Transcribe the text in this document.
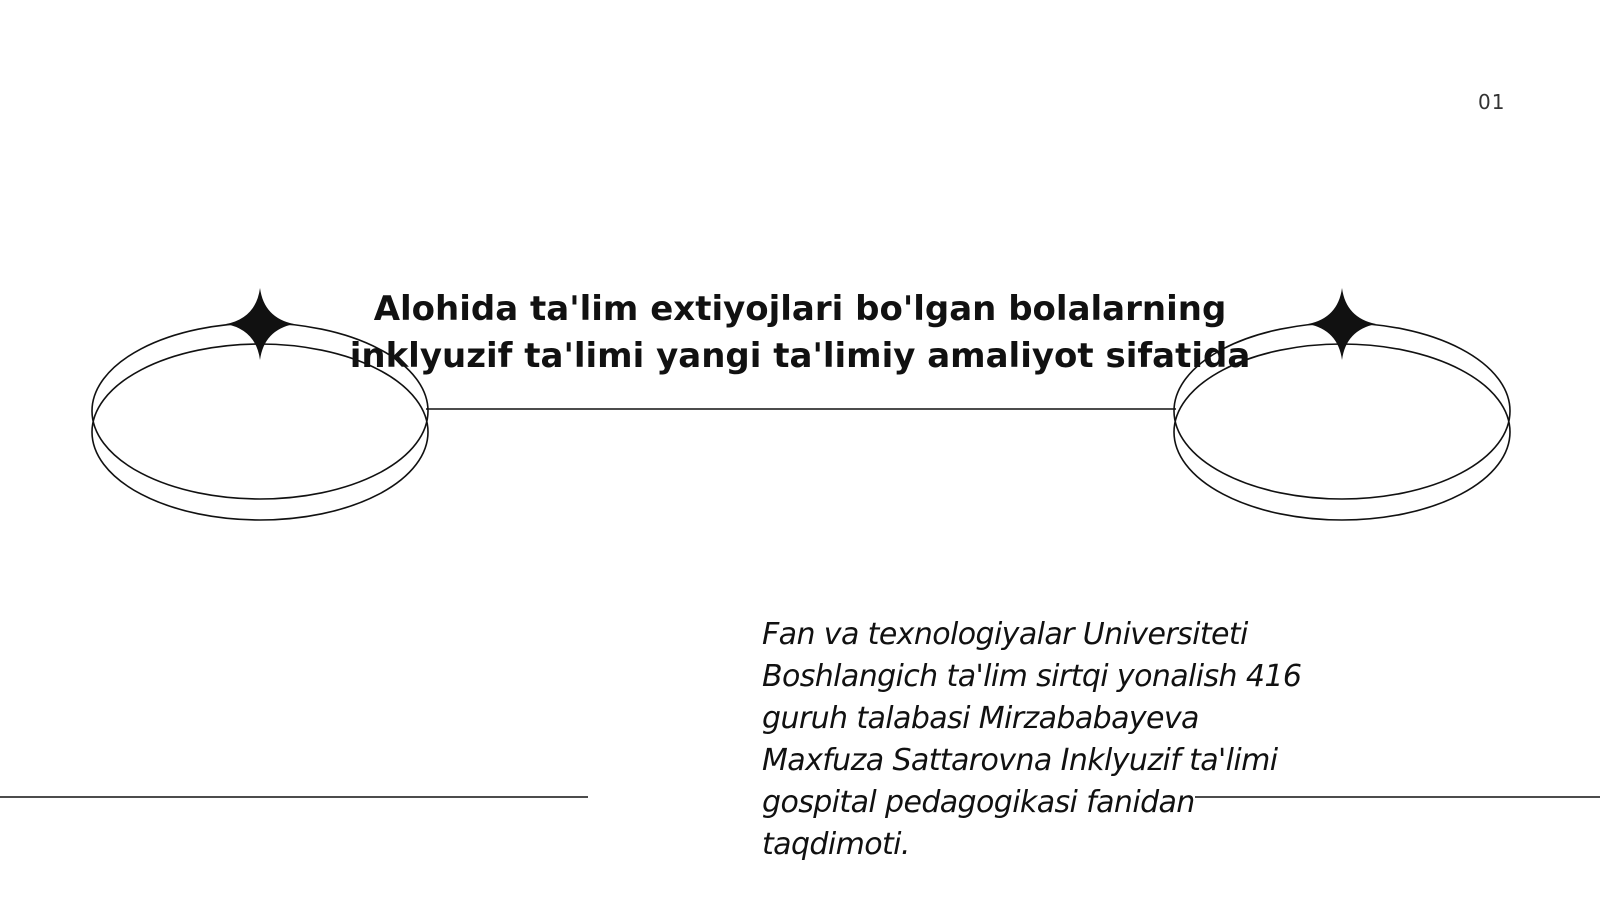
01
Alohida ta'lim extiyojlari bo'lgan bolalarning
inklyuzif ta'limi yangi ta'limiy amaliyot sifatida

Fan va texnologiyalar Universiteti
Boshlangich ta'lim sirtqi yonalish 416
guruh talabasi Mirzababayeva
Maxfuza Sattarovna Inklyuzif ta'limi
gospital pedagogikasi fanidan
taqdimoti.
